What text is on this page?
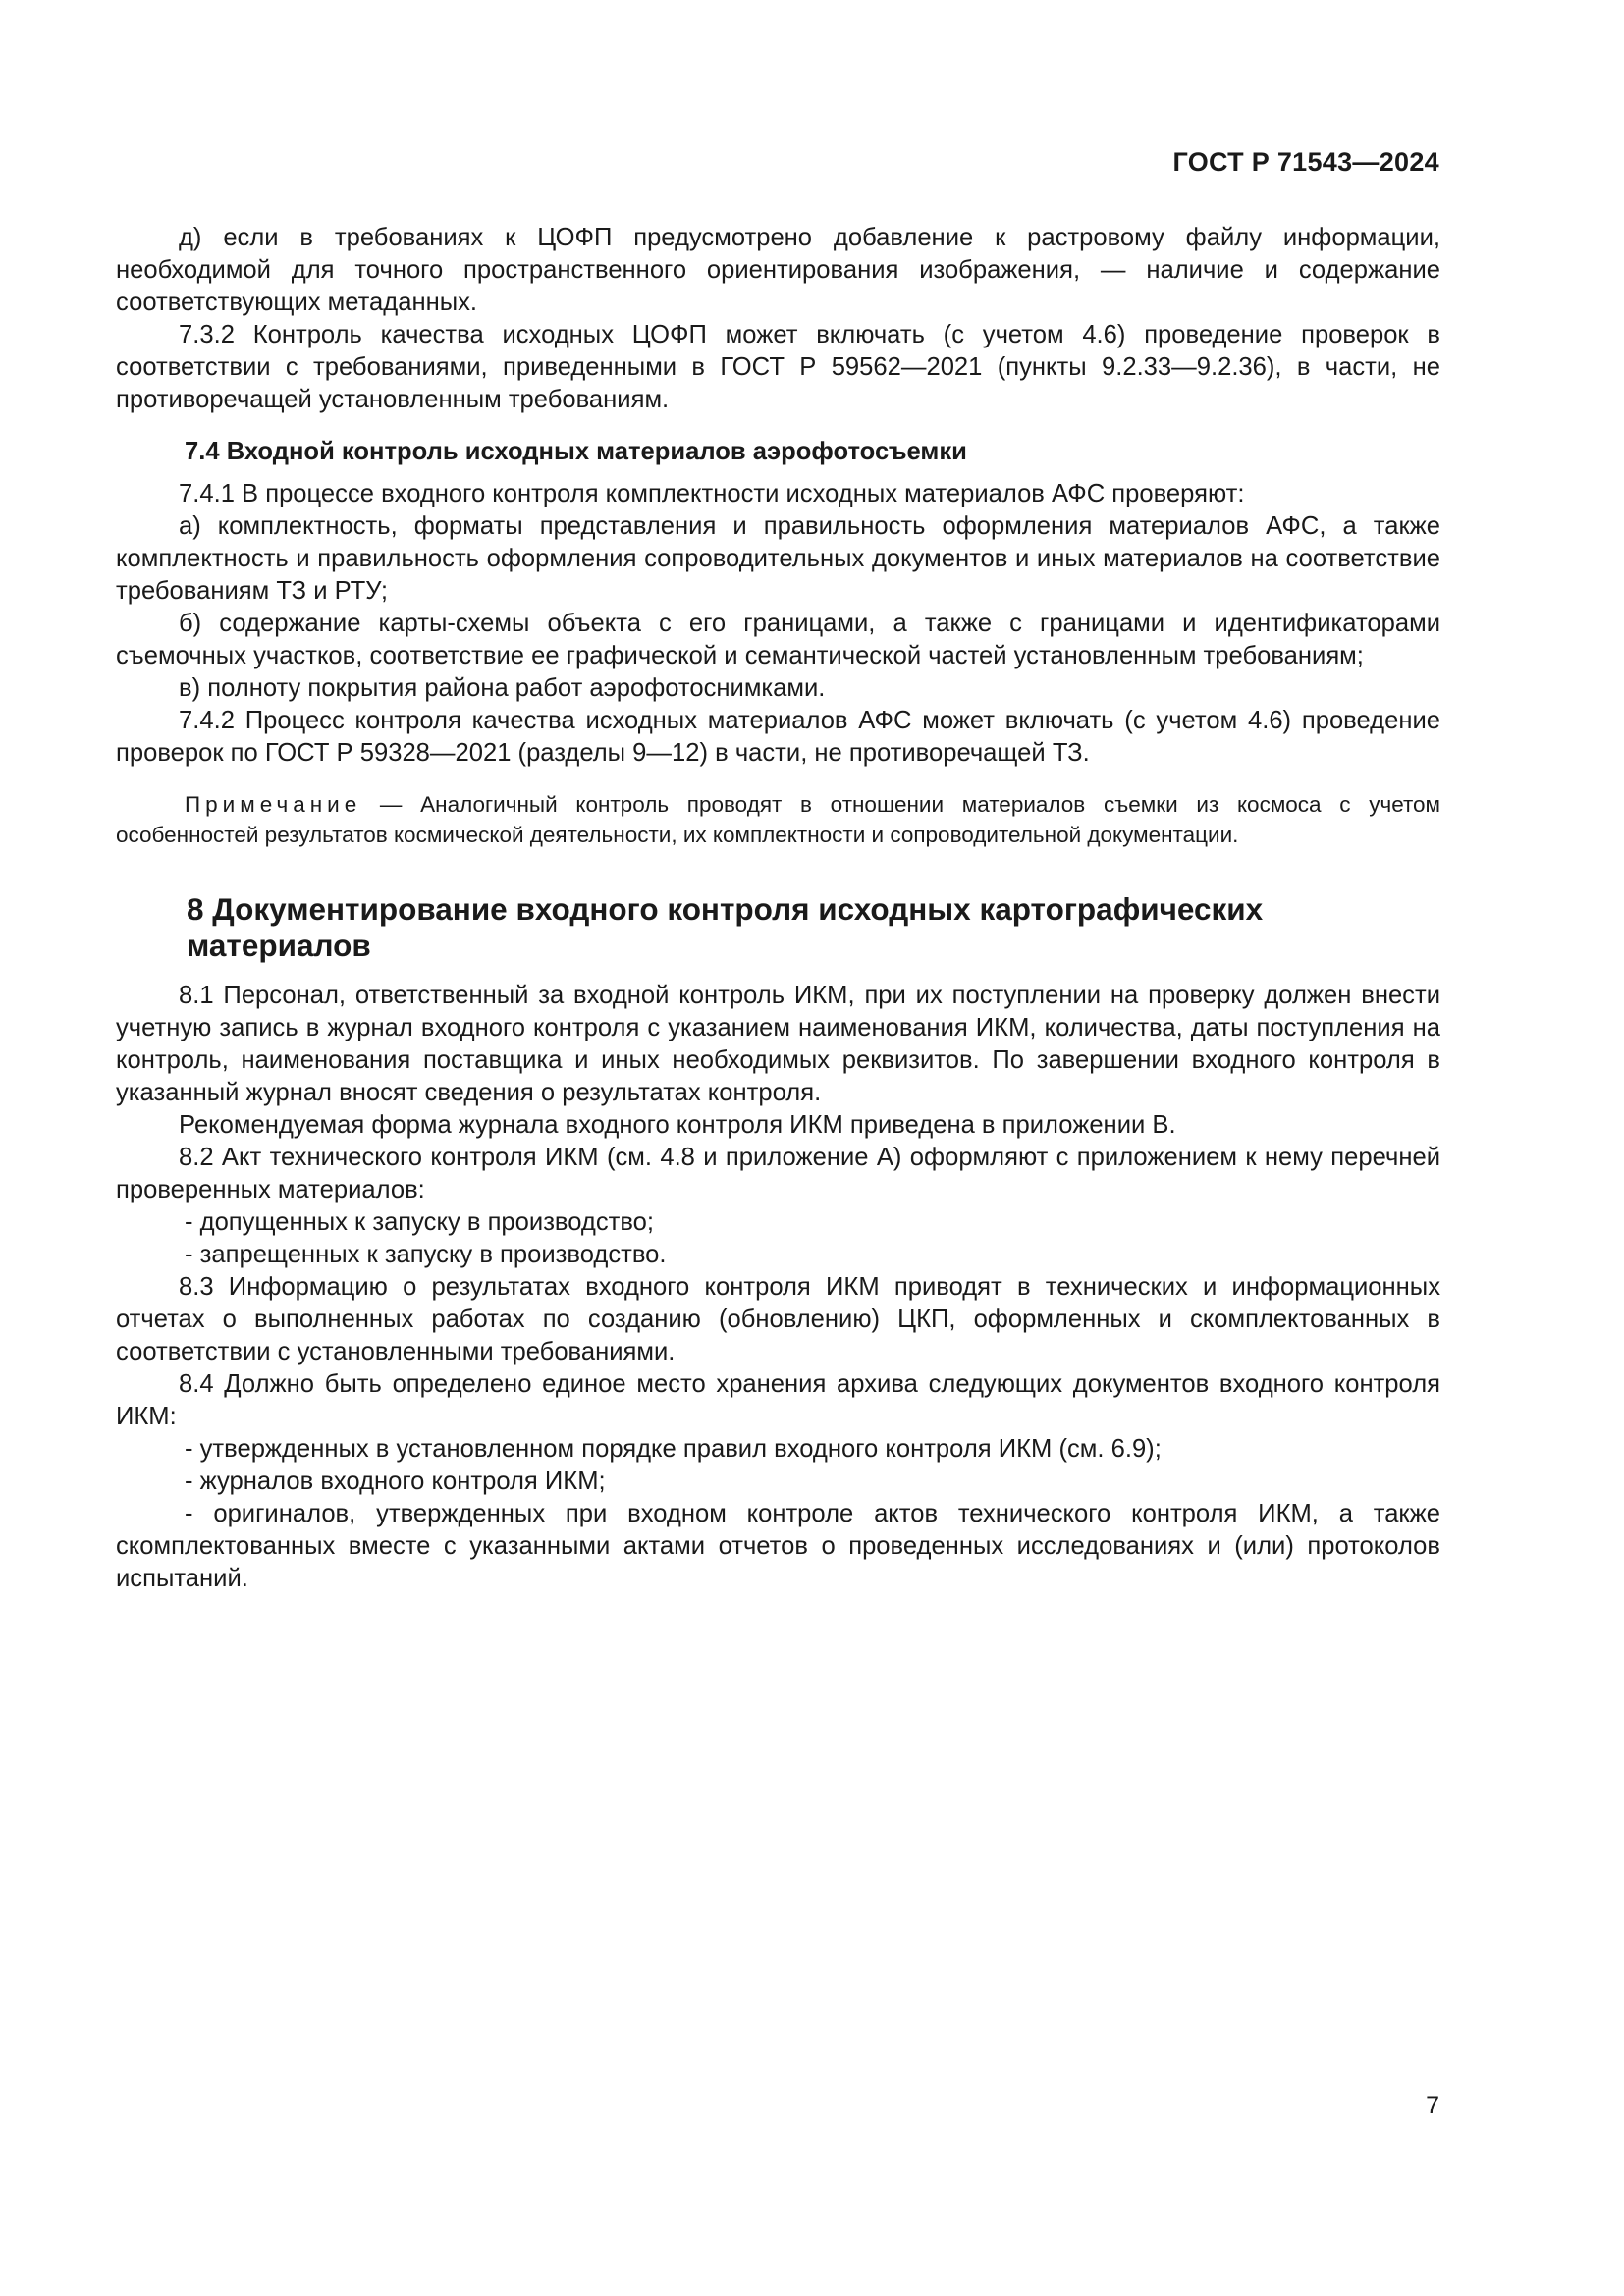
ГОСТ Р 71543—2024

д) если в требованиях к ЦОФП предусмотрено добавление к растровому файлу информации, необходимой для точного пространственного ориентирования изображения, — наличие и содержание соответствующих метаданных.

7.3.2 Контроль качества исходных ЦОФП может включать (с учетом 4.6) проведение проверок в соответствии с требованиями, приведенными в ГОСТ Р 59562—2021 (пункты 9.2.33—9.2.36), в части, не противоречащей установленным требованиям.

7.4 Входной контроль исходных материалов аэрофотосъемки

7.4.1 В процессе входного контроля комплектности исходных материалов АФС проверяют:

а) комплектность, форматы представления и правильность оформления материалов АФС, а также комплектность и правильность оформления сопроводительных документов и иных материалов на соответствие требованиям ТЗ и РТУ;

б) содержание карты-схемы объекта с его границами, а также с границами и идентификаторами съемочных участков, соответствие ее графической и семантической частей установленным требованиям;

в) полноту покрытия района работ аэрофотоснимками.

7.4.2 Процесс контроля качества исходных материалов АФС может включать (с учетом 4.6) проведение проверок по ГОСТ Р 59328—2021 (разделы 9—12) в части, не противоречащей ТЗ.

Примечание — Аналогичный контроль проводят в отношении материалов съемки из космоса с учетом особенностей результатов космической деятельности, их комплектности и сопроводительной документации.

8 Документирование входного контроля исходных картографических материалов

8.1 Персонал, ответственный за входной контроль ИКМ, при их поступлении на проверку должен внести учетную запись в журнал входного контроля с указанием наименования ИКМ, количества, даты поступления на контроль, наименования поставщика и иных необходимых реквизитов. По завершении входного контроля в указанный журнал вносят сведения о результатах контроля.

Рекомендуемая форма журнала входного контроля ИКМ приведена в приложении В.

8.2 Акт технического контроля ИКМ (см. 4.8 и приложение А) оформляют с приложением к нему перечней проверенных материалов:

- допущенных к запуску в производство;

- запрещенных к запуску в производство.

8.3 Информацию о результатах входного контроля ИКМ приводят в технических и информационных отчетах о выполненных работах по созданию (обновлению) ЦКП, оформленных и скомплектованных в соответствии с установленными требованиями.

8.4 Должно быть определено единое место хранения архива следующих документов входного контроля ИКМ:

- утвержденных в установленном порядке правил входного контроля ИКМ (см. 6.9);

- журналов входного контроля ИКМ;

- оригиналов, утвержденных при входном контроле актов технического контроля ИКМ, а также скомплектованных вместе с указанными актами отчетов о проведенных исследованиях и (или) протоколов испытаний.

7
